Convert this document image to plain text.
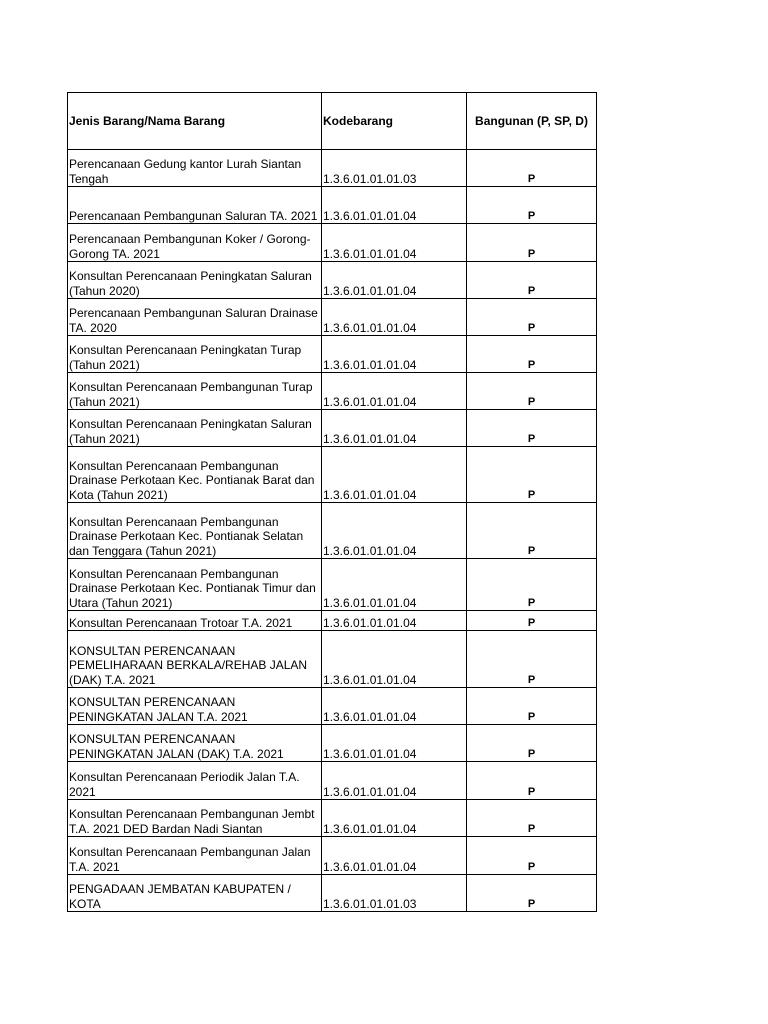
Jenis Barang/Nama Barang	Kodebarang	Bangunan (P, SP, D)
Perencanaan Gedung kantor Lurah Siantan Tengah	1.3.6.01.01.01.03	P
Perencanaan Pembangunan Saluran TA. 2021	1.3.6.01.01.01.04	P
Perencanaan Pembangunan Koker / Gorong-Gorong TA. 2021	1.3.6.01.01.01.04	P
Konsultan Perencanaan Peningkatan Saluran (Tahun 2020)	1.3.6.01.01.01.04	P
Perencanaan Pembangunan Saluran Drainase TA. 2020	1.3.6.01.01.01.04	P
Konsultan Perencanaan Peningkatan Turap (Tahun 2021)	1.3.6.01.01.01.04	P
Konsultan Perencanaan Pembangunan Turap (Tahun 2021)	1.3.6.01.01.01.04	P
Konsultan Perencanaan Peningkatan Saluran (Tahun 2021)	1.3.6.01.01.01.04	P
Konsultan Perencanaan Pembangunan Drainase Perkotaan Kec. Pontianak Barat dan Kota (Tahun 2021)	1.3.6.01.01.01.04	P
Konsultan Perencanaan Pembangunan Drainase Perkotaan Kec. Pontianak Selatan dan Tenggara (Tahun 2021)	1.3.6.01.01.01.04	P
Konsultan Perencanaan Pembangunan Drainase Perkotaan Kec. Pontianak Timur dan Utara (Tahun 2021)	1.3.6.01.01.01.04	P
Konsultan Perencanaan Trotoar T.A. 2021	1.3.6.01.01.01.04	P
KONSULTAN PERENCANAAN PEMELIHARAAN BERKALA/REHAB JALAN (DAK) T.A. 2021	1.3.6.01.01.01.04	P
KONSULTAN PERENCANAAN PENINGKATAN JALAN T.A. 2021	1.3.6.01.01.01.04	P
KONSULTAN PERENCANAAN PENINGKATAN JALAN (DAK) T.A. 2021	1.3.6.01.01.01.04	P
Konsultan Perencanaan Periodik Jalan T.A. 2021	1.3.6.01.01.01.04	P
Konsultan Perencanaan Pembangunan Jembt T.A. 2021 DED Bardan Nadi Siantan	1.3.6.01.01.01.04	P
Konsultan Perencanaan Pembangunan Jalan T.A. 2021	1.3.6.01.01.01.04	P
PENGADAAN JEMBATAN KABUPATEN / KOTA	1.3.6.01.01.01.03	P
